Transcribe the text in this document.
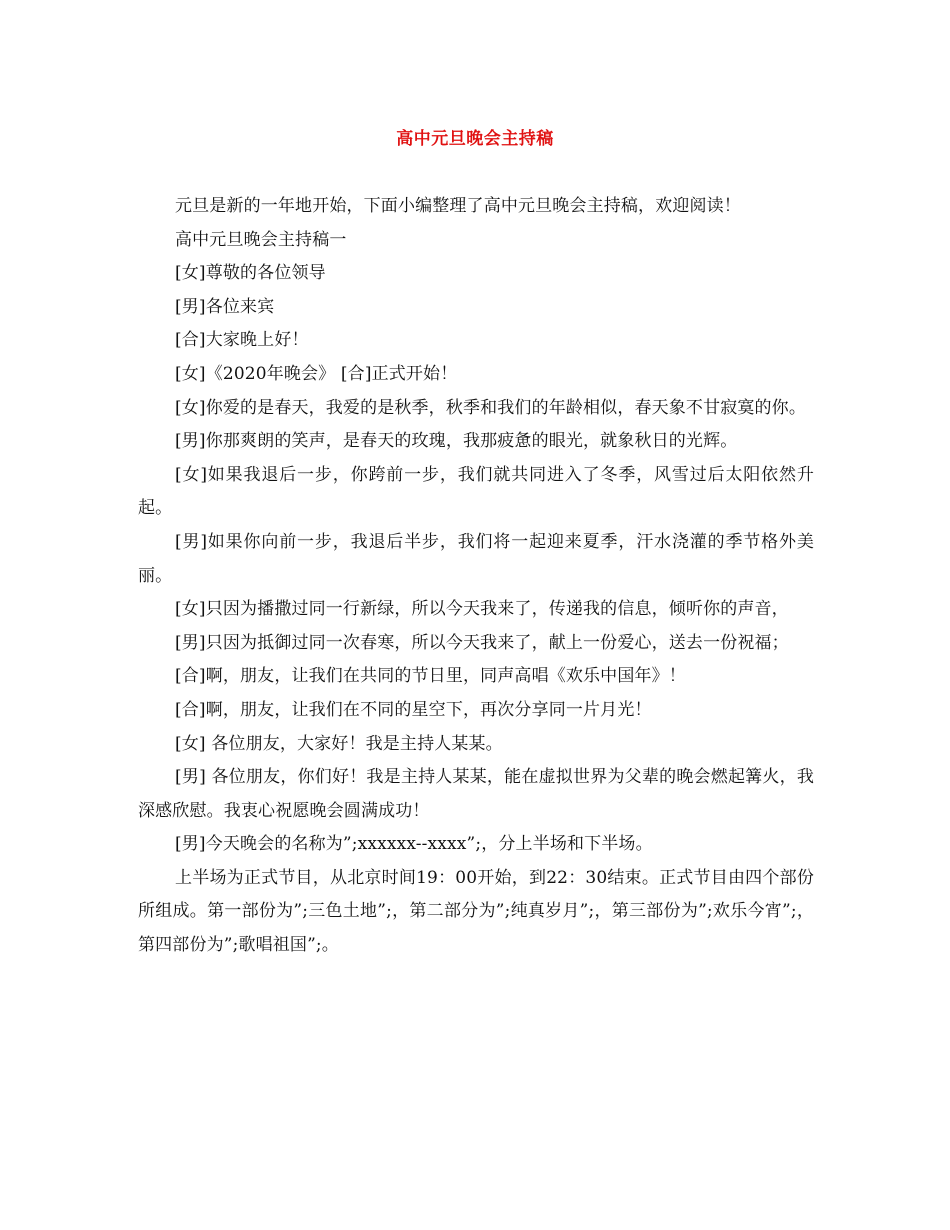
高中元旦晚会主持稿

元旦是新的一年地开始，下面小编整理了高中元旦晚会主持稿，欢迎阅读！

高中元旦晚会主持稿一

[女]尊敬的各位领导

[男]各位来宾

[合]大家晚上好！

[女]《2020年晚会》 [合]正式开始！

[女]你爱的是春天，我爱的是秋季，秋季和我们的年龄相似，春天象不甘寂寞的你。

[男]你那爽朗的笑声，是春天的玫瑰，我那疲惫的眼光，就象秋日的光辉。

[女]如果我退后一步，你跨前一步，我们就共同进入了冬季，风雪过后太阳依然升起。

[男]如果你向前一步，我退后半步，我们将一起迎来夏季，汗水浇灌的季节格外美丽。

[女]只因为播撒过同一行新绿，所以今天我来了，传递我的信息，倾听你的声音，

[男]只因为抵御过同一次春寒，所以今天我来了，献上一份爱心，送去一份祝福；

[合]啊，朋友，让我们在共同的节日里，同声高唱《欢乐中国年》！

[合]啊，朋友，让我们在不同的星空下，再次分享同一片月光！

[女] 各位朋友，大家好！我是主持人某某。

[男] 各位朋友，你们好！我是主持人某某，能在虚拟世界为父辈的晚会燃起篝火，我深感欣慰。我衷心祝愿晚会圆满成功！

[男]今天晚会的名称为”;xxxxxx--xxxx”;，分上半场和下半场。

上半场为正式节目，从北京时间19：00开始，到22：30结束。正式节目由四个部份所组成。第一部份为”;三色土地”;，第二部分为”;纯真岁月”;，第三部份为”;欢乐今宵”;，第四部份为”;歌唱祖国”;。
